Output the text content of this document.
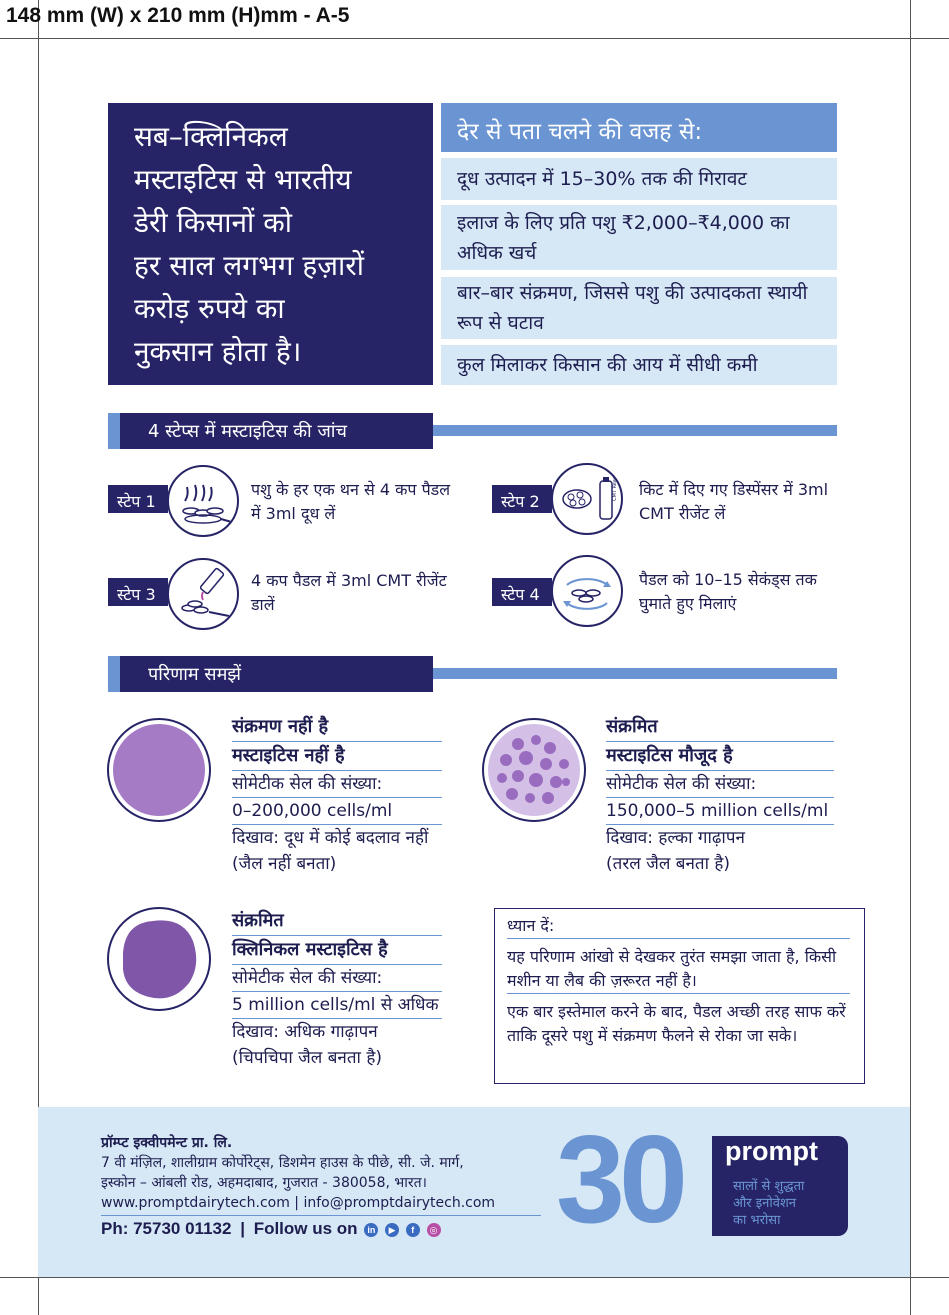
148 mm (W) x 210 mm (H)mm - A-5
सब–क्लिनिकल
मस्टाइटिस से भारतीय
डेरी किसानों को
हर साल लगभग हज़ारों
करोड़ रुपये का
नुकसान होता है।
देर से पता चलने की वजह से:
दूध उत्पादन में 15–30% तक की गिरावट
इलाज के लिए प्रति पशु ₹2,000–₹4,000 का अधिक खर्च
बार–बार संक्रमण, जिससे पशु की उत्पादकता स्थायी रूप से घटाव
कुल मिलाकर किसान की आय में सीधी कमी
4 स्टेप्स में मस्टाइटिस की जांच
स्टेप 1
पशु के हर एक थन से 4 कप पैडल में 3ml दूध लें
स्टेप 2
CMT Reagent किट में दिए गए डिस्पेंसर में 3ml CMT रीजेंट लें
स्टेप 3
4 कप पैडल में 3ml CMT रीजेंट डालें
स्टेप 4
पैडल को 10–15 सेकंड्स तक घुमाते हुए मिलाएं
परिणाम समझें
संक्रमण नहीं है
मस्टाइटिस नहीं है
सोमेटीक सेल की संख्या:
0–200,000 cells/ml
दिखाव: दूध में कोई बदलाव नहीं
(जैल नहीं बनता)
संक्रमित
मस्टाइटिस मौजूद है
सोमेटीक सेल की संख्या:
150,000–5 million cells/ml
दिखाव: हल्का गाढ़ापन
(तरल जैल बनता है)
संक्रमित
क्लिनिकल मस्टाइटिस है
सोमेटीक सेल की संख्या:
5 million cells/ml से अधिक
दिखाव: अधिक गाढ़ापन
(चिपचिपा जैल बनता है)
ध्यान दें:
यह परिणाम आंखो से देखकर तुरंत समझा जाता है, किसी मशीन या लैब की ज़रूरत नहीं है।
एक बार इस्तेमाल करने के बाद, पैडल अच्छी तरह साफ करें ताकि दूसरे पशु में संक्रमण फैलने से रोका जा सके।
प्रॉम्प्ट इक्वीपमेन्ट प्रा. लि.
7 वी मंज़िल, शालीग्राम कोर्पोरेट्स, डिशमेन हाउस के पीछे, सी. जे. मार्ग,
इस्कोन – आंबली रोड, अहमदाबाद, गुजरात - 380058, भारत।
www.promptdairytech.com | info@promptdairytech.com
Ph: 75730 01132 | Follow us on in ▶ f ◎ 30 prompt
सालों से शुद्धता
और इनोवेशन
का भरोसा
